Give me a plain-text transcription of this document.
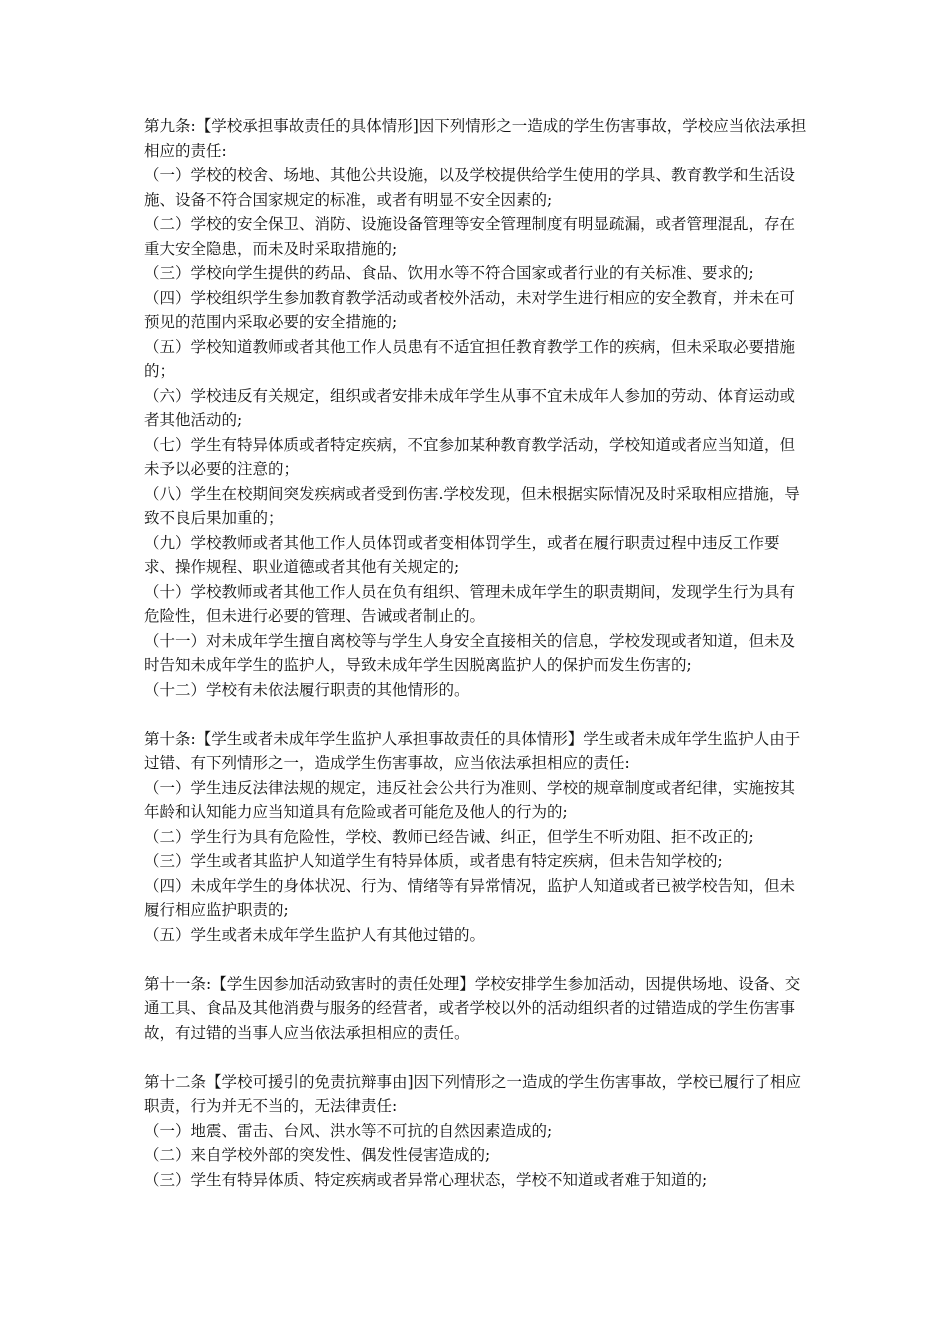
第九条:【学校承担事故责任的具体情形]因下列情形之一造成的学生伤害事故，学校应当依法承担相应的责任:

（一）学校的校舍、场地、其他公共设施，以及学校提供给学生使用的学具、教育教学和生活设施、设备不符合国家规定的标准，或者有明显不安全因素的;

（二）学校的安全保卫、消防、设施设备管理等安全管理制度有明显疏漏，或者管理混乱，存在重大安全隐患，而未及时采取措施的;

（三）学校向学生提供的药品、食品、饮用水等不符合国家或者行业的有关标准、要求的;

（四）学校组织学生参加教育教学活动或者校外活动，未对学生进行相应的安全教育，并未在可预见的范围内采取必要的安全措施的;

（五）学校知道教师或者其他工作人员患有不适宜担任教育教学工作的疾病，但未采取必要措施的；

（六）学校违反有关规定，组织或者安排未成年学生从事不宜未成年人参加的劳动、体育运动或者其他活动的;

（七）学生有特异体质或者特定疾病，不宜参加某种教育教学活动，学校知道或者应当知道，但未予以必要的注意的；

（八）学生在校期间突发疾病或者受到伤害.学校发现，但未根据实际情况及时采取相应措施，导致不良后果加重的；

（九）学校教师或者其他工作人员体罚或者变相体罚学生，或者在履行职责过程中违反工作要求、操作规程、职业道德或者其他有关规定的;

（十）学校教师或者其他工作人员在负有组织、管理未成年学生的职责期间，发现学生行为具有危险性，但未进行必要的管理、告诫或者制止的。

（十一）对未成年学生擅自离校等与学生人身安全直接相关的信息，学校发现或者知道，但未及时告知未成年学生的监护人，导致未成年学生因脱离监护人的保护而发生伤害的;

（十二）学校有未依法履行职责的其他情形的。

第十条:【学生或者未成年学生监护人承担事故责任的具体情形】学生或者未成年学生监护人由于过错、有下列情形之一，造成学生伤害事故，应当依法承担相应的责任:

（一）学生违反法律法规的规定，违反社会公共行为准则、学校的规章制度或者纪律，实施按其年龄和认知能力应当知道具有危险或者可能危及他人的行为的;

（二）学生行为具有危险性，学校、教师已经告诫、纠正，但学生不听劝阻、拒不改正的;

（三）学生或者其监护人知道学生有特异体质，或者患有特定疾病，但未告知学校的;

（四）未成年学生的身体状况、行为、情绪等有异常情况，监护人知道或者已被学校告知，但未履行相应监护职责的;

（五）学生或者未成年学生监护人有其他过错的。

第十一条:【学生因参加活动致害时的责任处理】学校安排学生参加活动，因提供场地、设备、交通工具、食品及其他消费与服务的经营者，或者学校以外的活动组织者的过错造成的学生伤害事故，有过错的当事人应当依法承担相应的责任。

第十二条【学校可援引的免责抗辩事由]因下列情形之一造成的学生伤害事故，学校已履行了相应职责，行为并无不当的，无法律责任:

（一）地震、雷击、台风、洪水等不可抗的自然因素造成的;

（二）来自学校外部的突发性、偶发性侵害造成的;

（三）学生有特异体质、特定疾病或者异常心理状态，学校不知道或者难于知道的;
